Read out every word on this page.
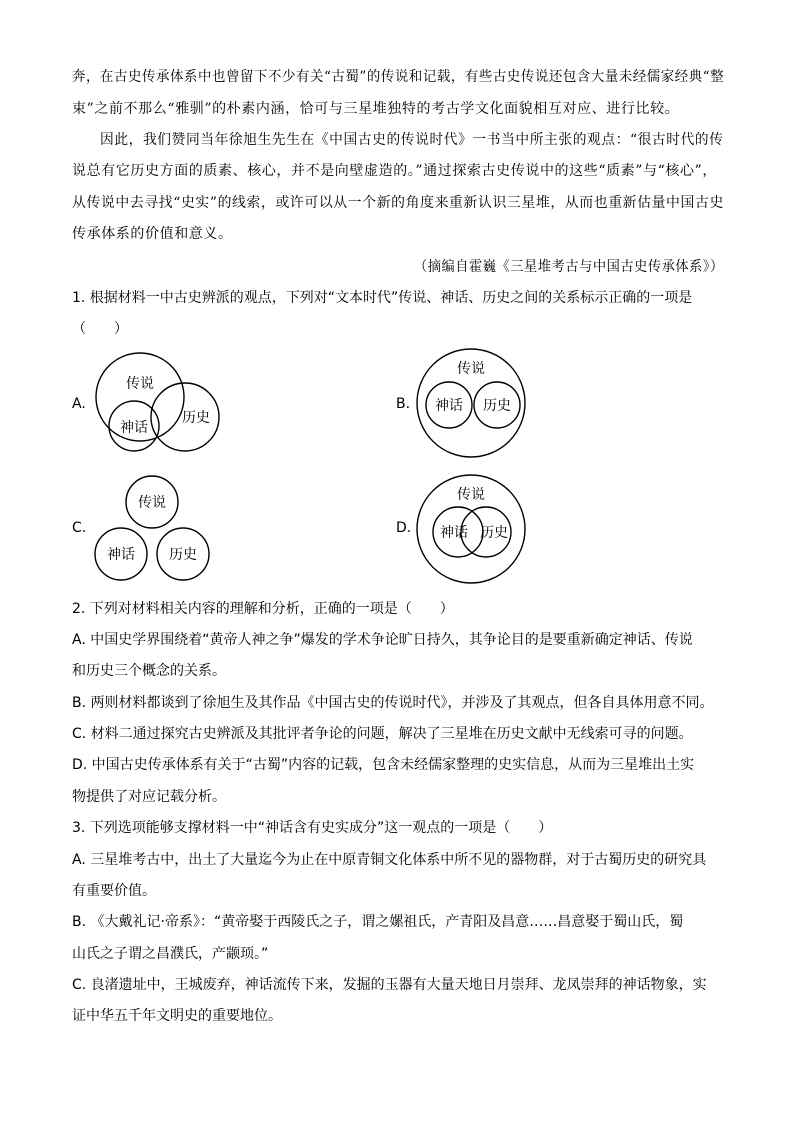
奔，在古史传承体系中也曾留下不少有关“古蜀”的传说和记载，有些古史传说还包含大量未经儒家经典“整
束”之前不那么“雅驯”的朴素内涵，恰可与三星堆独特的考古学文化面貌相互对应、进行比较。
因此，我们赞同当年徐旭生先生在《中国古史的传说时代》一书当中所主张的观点：“很古时代的传
说总有它历史方面的质素、核心，并不是向壁虚造的。”通过探索古史传说中的这些“质素”与“核心”，
从传说中去寻找“史实”的线索，或许可以从一个新的角度来重新认识三星堆，从而也重新估量中国古史
传承体系的价值和意义。
（摘编自霍巍《三星堆考古与中国古史传承体系》）
1. 根据材料一中古史辨派的观点，下列对“文本时代”传说、神话、历史之间的关系标示正确的一项是
（　　）
A.
传说
神话
历史
B.
传说
神话 历史
C.
传说
神话 历史
D.
传说
神话 历史
2. 下列对材料相关内容的理解和分析，正确的一项是（　　）
A. 中国史学界围绕着“黄帝人神之争”爆发的学术争论旷日持久，其争论目的是要重新确定神话、传说
和历史三个概念的关系。
B. 两则材料都谈到了徐旭生及其作品《中国古史的传说时代》，并涉及了其观点，但各自具体用意不同。
C. 材料二通过探究古史辨派及其批评者争论的问题，解决了三星堆在历史文献中无线索可寻的问题。
D. 中国古史传承体系有关于“古蜀”内容的记载，包含未经儒家整理的史实信息，从而为三星堆出土实
物提供了对应记载分析。
3. 下列选项能够支撑材料一中“神话含有史实成分”这一观点的一项是（　　）
A. 三星堆考古中，出土了大量迄今为止在中原青铜文化体系中所不见的器物群，对于古蜀历史的研究具
有重要价值。
B. 《大戴礼记·帝系》：“黄帝娶于西陵氏之子，谓之嫘祖氏，产青阳及昌意……昌意娶于蜀山氏，蜀
山氏之子谓之昌濮氏，产颛顼。”
C. 良渚遗址中，王城废弃，神话流传下来，发掘的玉器有大量天地日月崇拜、龙凤崇拜的神话物象，实
证中华五千年文明史的重要地位。
